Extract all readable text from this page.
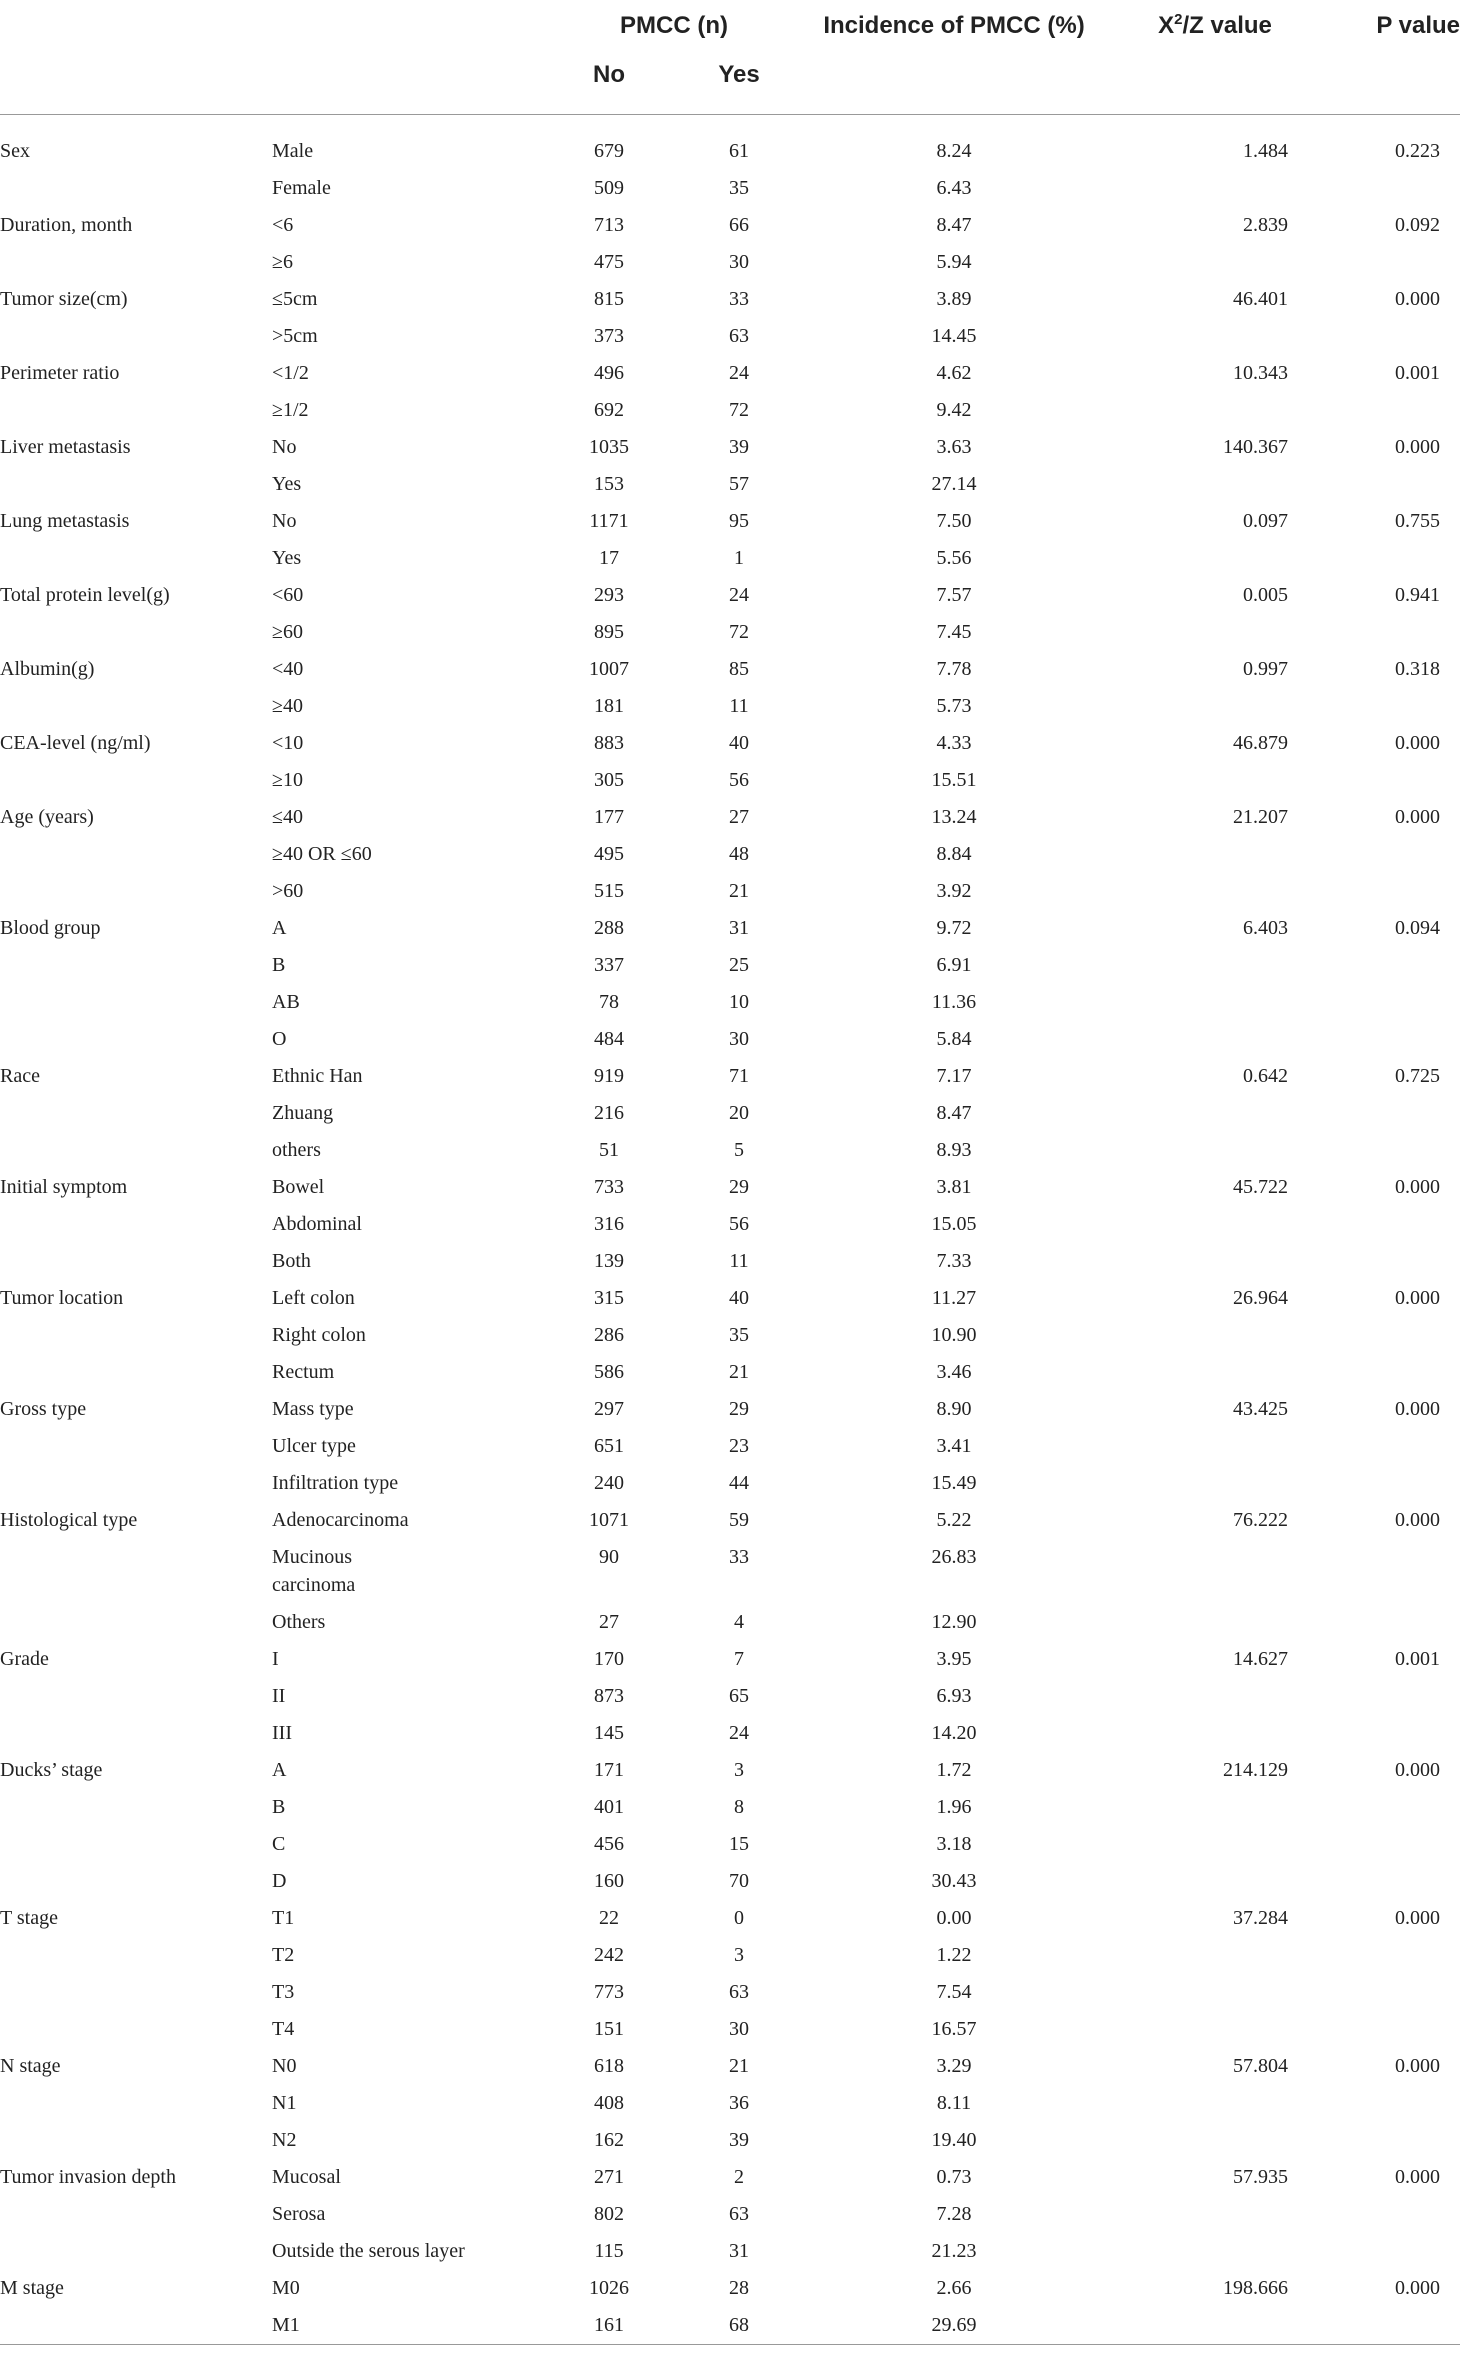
		PMCC (n)		Incidence of PMCC (%)	$X^2/Z$ value	P value
		No	Yes			

Sex	Male	679	61	8.24	1.484	0.223
	Female	509	35	6.43		
Duration, month	<6	713	66	8.47	2.839	0.092
	≥6	475	30	5.94		
Tumor size(cm)	≤5cm	815	33	3.89	46.401	0.000
	>5cm	373	63	14.45		
Perimeter ratio	<1/2	496	24	4.62	10.343	0.001
	≥1/2	692	72	9.42		
Liver metastasis	No	1035	39	3.63	140.367	0.000
	Yes	153	57	27.14		
Lung metastasis	No	1171	95	7.50	0.097	0.755
	Yes	17	1	5.56		
Total protein level(g)	<60	293	24	7.57	0.005	0.941
	≥60	895	72	7.45		
Albumin(g)	<40	1007	85	7.78	0.997	0.318
	≥40	181	11	5.73		
CEA-level (ng/ml)	<10	883	40	4.33	46.879	0.000
	≥10	305	56	15.51		
Age (years)	≤40	177	27	13.24	21.207	0.000
	≥40 OR ≤60	495	48	8.84		
	>60	515	21	3.92		
Blood group	A	288	31	9.72	6.403	0.094
	B	337	25	6.91		
	AB	78	10	11.36		
	O	484	30	5.84		
Race	Ethnic Han	919	71	7.17	0.642	0.725
	Zhuang	216	20	8.47		
	others	51	5	8.93		
Initial symptom	Bowel	733	29	3.81	45.722	0.000
	Abdominal	316	56	15.05		
	Both	139	11	7.33		
Tumor location	Left colon	315	40	11.27	26.964	0.000
	Right colon	286	35	10.90		
	Rectum	586	21	3.46		
Gross type	Mass type	297	29	8.90	43.425	0.000
	Ulcer type	651	23	3.41		
	Infiltration type	240	44	15.49		
Histological type	Adenocarcinoma	1071	59	5.22	76.222	0.000
	Mucinous carcinoma	90	33	26.83		
	Others	27	4	12.90		
Grade	I	170	7	3.95	14.627	0.001
	II	873	65	6.93		
	III	145	24	14.20		
Ducks’ stage	A	171	3	1.72	214.129	0.000
	B	401	8	1.96		
	C	456	15	3.18		
	D	160	70	30.43		
T stage	T1	22	0	0.00	37.284	0.000
	T2	242	3	1.22		
	T3	773	63	7.54		
	T4	151	30	16.57		
N stage	N0	618	21	3.29	57.804	0.000
	N1	408	36	8.11		
	N2	162	39	19.40		
Tumor invasion depth	Mucosal	271	2	0.73	57.935	0.000
	Serosa	802	63	7.28		
	Outside the serous layer	115	31	21.23		
M stage	M0	1026	28	2.66	198.666	0.000
	M1	161	68	29.69		
